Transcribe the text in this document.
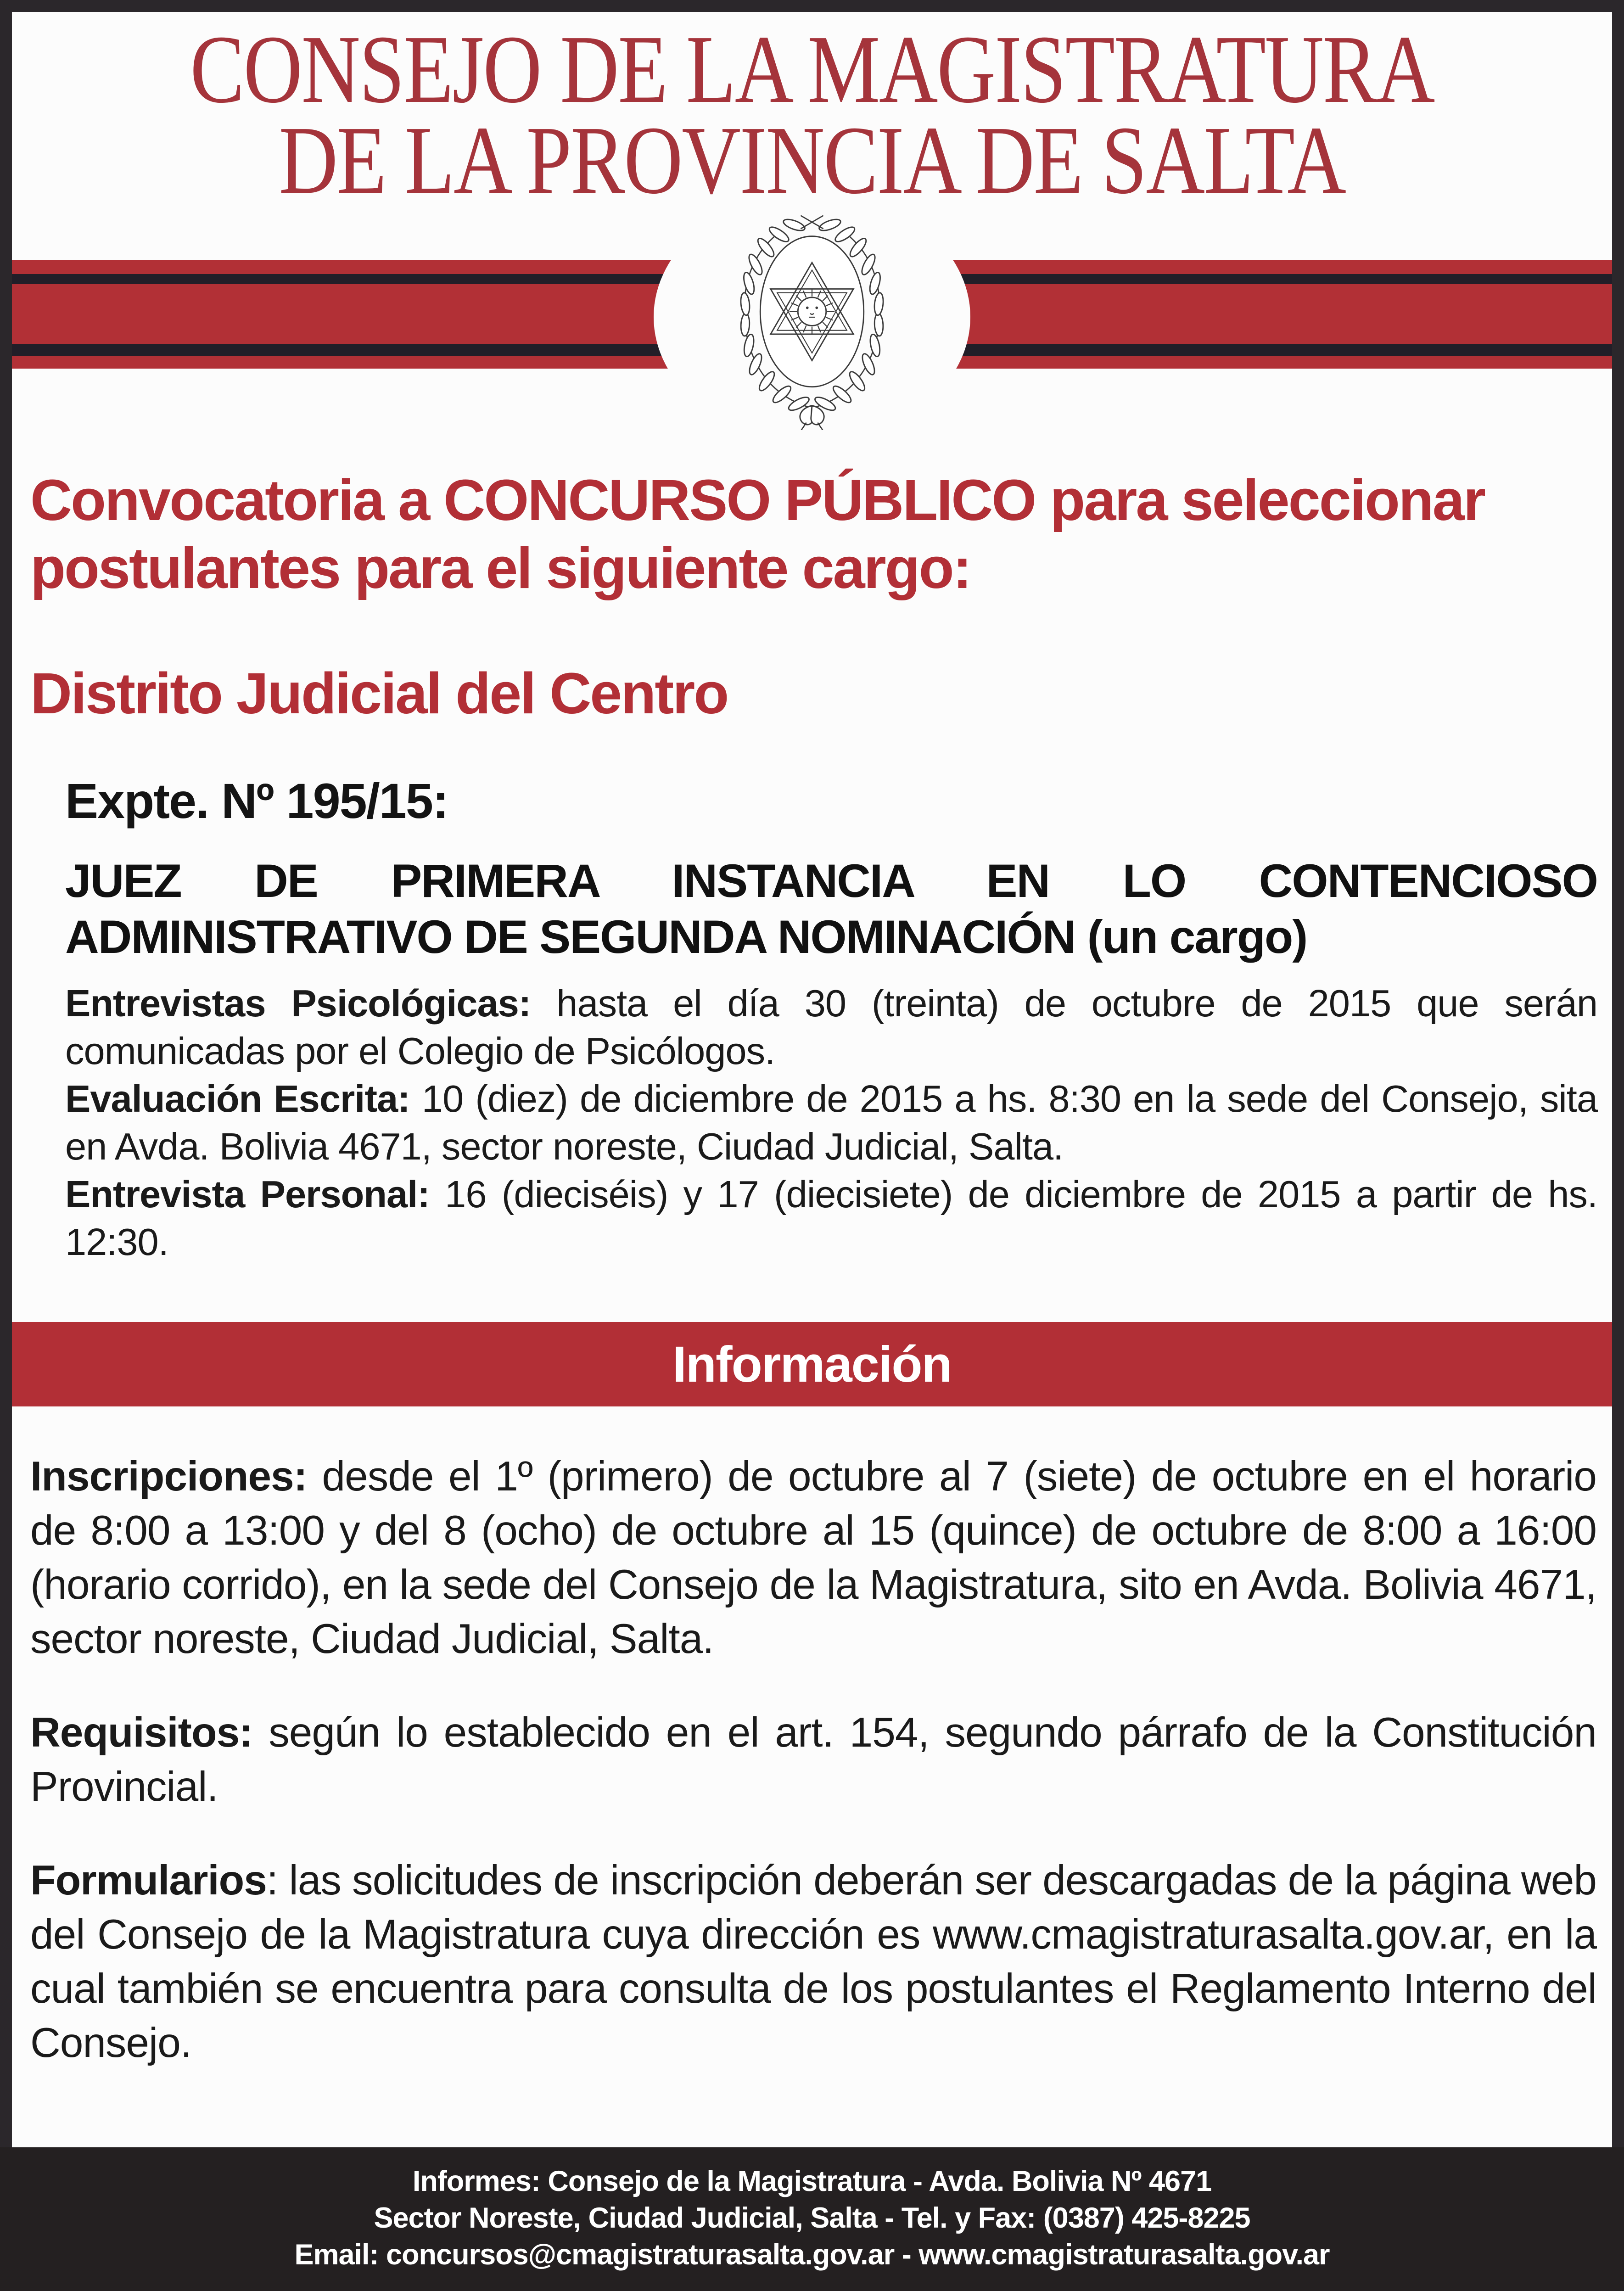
CONSEJO DE LA MAGISTRATURA
DE LA PROVINCIA DE SALTA
Convocatoria a CONCURSO PÚBLICO para seleccionar
postulantes para el siguiente cargo:
Distrito Judicial del Centro
Expte. Nº 195/15:
JUEZ DE PRIMERA INSTANCIA EN LO CONTENCIOSO ADMINISTRATIVO DE SEGUNDA NOMINACIÓN (un cargo)

Entrevistas Psicológicas: hasta el día 30 (treinta) de octubre de 2015 que serán comunicadas por el Colegio de Psicólogos.

Evaluación Escrita: 10 (diez) de diciembre de 2015 a hs. 8:30 en la sede del Consejo, sita en Avda. Bolivia 4671, sector noreste, Ciudad Judicial, Salta.

Entrevista Personal: 16 (dieciséis) y 17 (diecisiete) de diciembre de 2015 a partir de hs. 12:30.

Información

Inscripciones: desde el 1º (primero) de octubre al 7 (siete) de octubre en el horario de 8:00 a 13:00 y del 8 (ocho) de octubre al 15 (quince) de octubre de 8:00 a 16:00 (horario corrido), en la sede del Consejo de la Magistratura, sito en Avda. Bolivia 4671, sector noreste, Ciudad Judicial, Salta.

Requisitos: según lo establecido en el art. 154, segundo párrafo de la Constitución Provincial.

Formularios: las solicitudes de inscripción deberán ser descargadas de la página web del Consejo de la Magistratura cuya dirección es www.cmagistraturasalta.gov.ar, en la cual también se encuentra para consulta de los postulantes el Reglamento Interno del Consejo.

Informes: Consejo de la Magistratura - Avda. Bolivia Nº 4671
Sector Noreste, Ciudad Judicial, Salta - Tel. y Fax: (0387) 425-8225
Email: concursos@cmagistraturasalta.gov.ar - www.cmagistraturasalta.gov.ar
